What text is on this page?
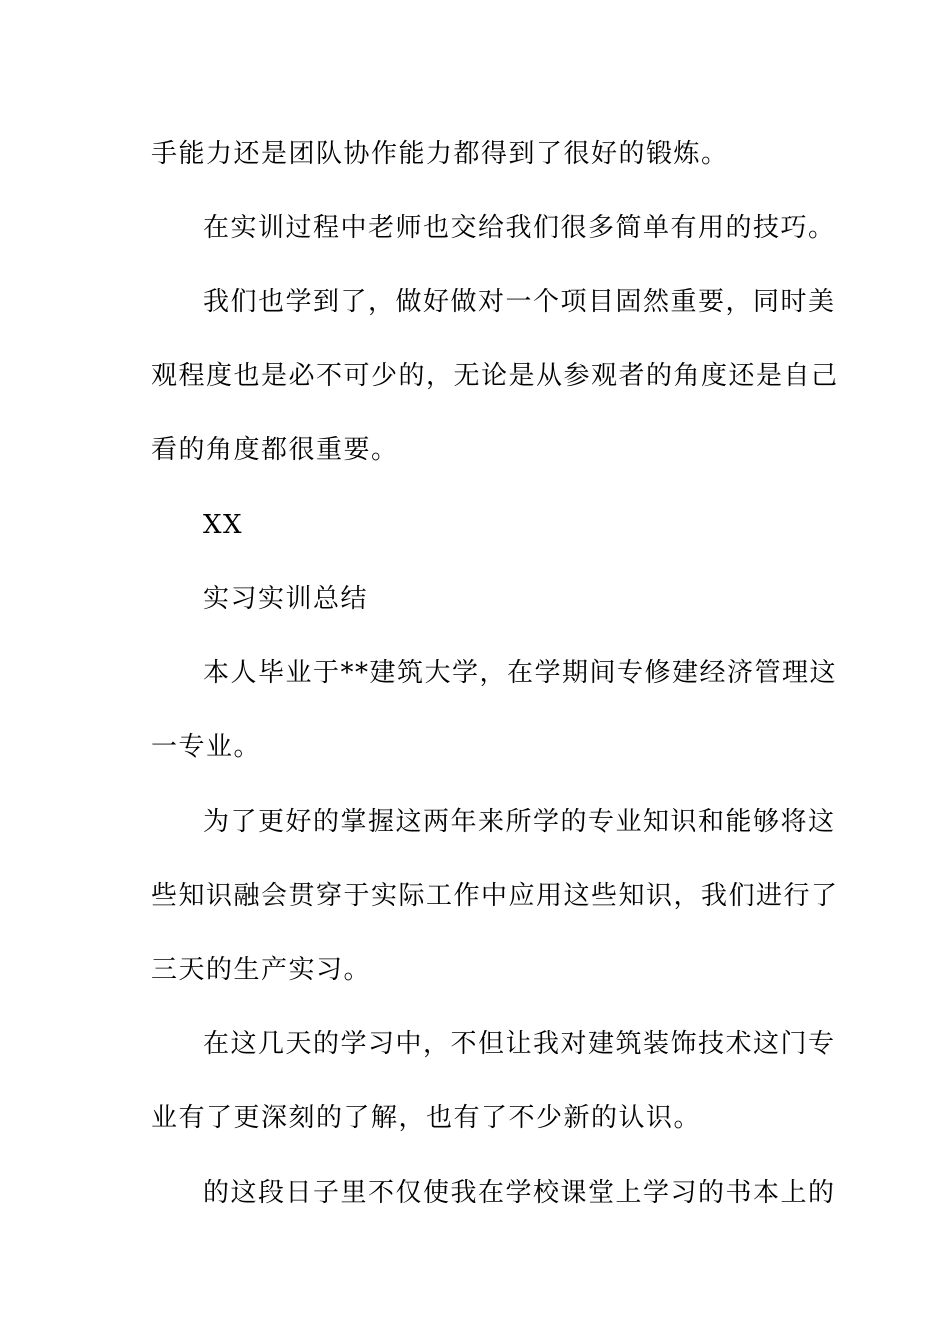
手能力还是团队协作能力都得到了很好的锻炼。
在实训过程中老师也交给我们很多简单有用的技巧。
我们也学到了，做好做对一个项目固然重要，同时美
观程度也是必不可少的，无论是从参观者的角度还是自己
看的角度都很重要。
XX
实习实训总结
本人毕业于**建筑大学，在学期间专修建经济管理这
一专业。
为了更好的掌握这两年来所学的专业知识和能够将这
些知识融会贯穿于实际工作中应用这些知识，我们进行了
三天的生产实习。
在这几天的学习中，不但让我对建筑装饰技术这门专
业有了更深刻的了解，也有了不少新的认识。
的这段日子里不仅使我在学校课堂上学习的书本上的
